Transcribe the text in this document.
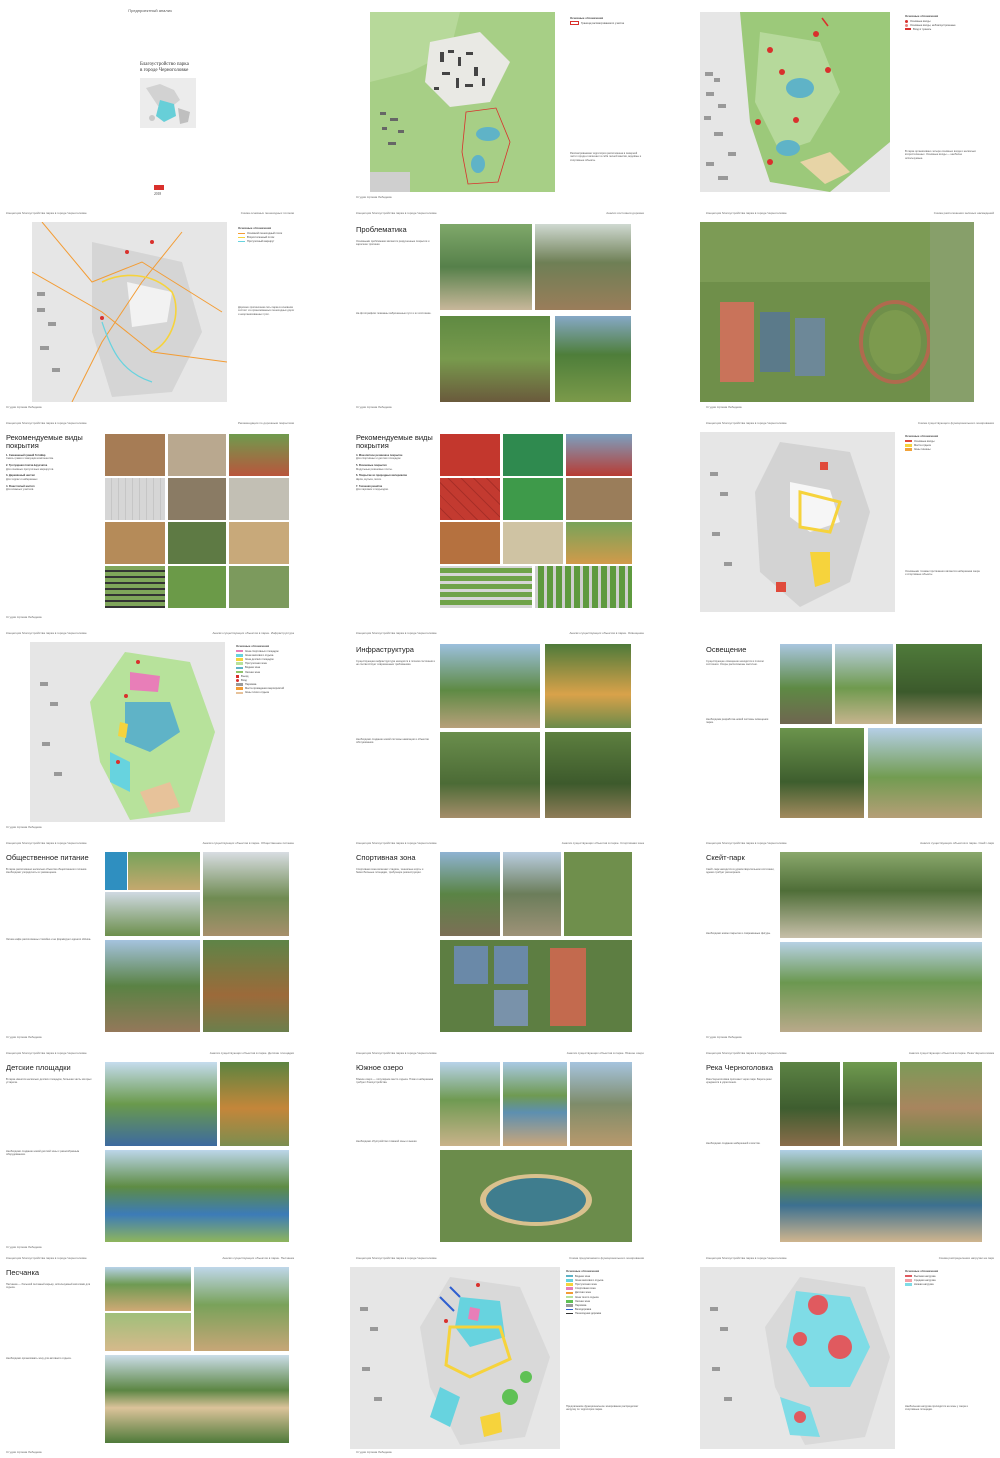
Предпроектный анализ
Благоустройство парка
в городе Черноголовке
2018
Основные обозначения
Граница рассматриваемого участка
Рассматриваемая территория расположена в северной части города и включает в себя лесной массив, водоёмы и спортивные объекты.
Студия Артема Лебедева
Основные обозначения
Основные входы
Основные входы, неблагоустроенные
Вход в туннель
В парке организовано четыре основных входа и несколько второстепенных. Основные входы — наиболее используемые.
Концепция благоустройства парка в городе Черноголовке	Схема основных пешеходных потоков
Основные обозначения
Основной пешеходный поток
Второстепенный поток
Прогулочный маршрут
Дорожно-тропиночная сеть парка в основном состоит из организованных пешеходных дорог и неорганизованных троп.
Студия Артема Лебедева
Концепция благоустройства парка в городе Черноголовке	Анализ состояния дорожек
Проблематика
Основными проблемами являются разрушенные покрытия и заросшие тропинки.
На фотографиях показаны заброшенные пути и их состояние.
Студия Артема Лебедева
Концепция благоустройства парка в городе Черноголовке	Схема расположения зелёных насаждений
Студия Артема Лебедева
Концепция благоустройства парка в городе Черноголовке	Рекомендации по дорожным покрытиям
Рекомендуемые виды
покрытия
1. Смешанный гравий ГетоВар
Смесь гравия с вяжущим компонентом.

2. Тротуарная плитка Брусчатка
Для основных прогулочных маршрутов.

3. Деревянный настил
Для террас и набережных.

4. Решетчатый настил
Для влажных участков.
Студия Артема Лебедева
Рекомендуемые виды
покрытия
4. Монолитное резиновое покрытие
Для спортивных и детских площадок.

5. Резиновые покрытия
Модульные резиновые плиты.

6. Покрытие из природных материалов
Щепа, мульча, песок.

7. Газонная решётка
Для парковок и подъездов.
Концепция благоустройства парка в городе Черноголовке	Схема существующего функционального зонирования
Основные обозначения
Основные входы
Места отдыха
Зоны тишины
Основными точками притяжения являются набережная озера и спортивные объекты.
Концепция благоустройства парка в городе Черноголовке	Анализ существующих объектов в парке. Инфраструктура
Основные обозначения
Зона спортивных площадок
Зона массового отдыха
Зона детских площадок
Прогулочная зона
Водная зона
Лесная зона
Въезд
Вход
Парковка
Места проведения мероприятий
Зоны тихого отдыха
Студия Артема Лебедева
Концепция благоустройства парка в городе Черноголовке	Анализ существующих объектов в парке. Освещение
Инфраструктура
Существующая инфраструктура находится в плохом состоянии и не соответствует современным требованиям.
Необходимо создание новой системы навигации и объектов обслуживания.
Освещение
Существующее освещение находится в плохом состоянии. Опоры расположены хаотично.
Необходима разработка новой системы освещения парка.
Концепция благоустройства парка в городе Черноголовке	Анализ существующих объектов в парке. Общественное питание
Общественное питание
В парке расположено несколько объектов общественного питания. Необходимо упорядочить их размещение.
Летние кафе расположены стихийно и не формируют единого облика.
Студия Артема Лебедева
Концепция благоустройства парка в городе Черноголовке	Анализ существующих объектов в парке. Спортивная зона
Спортивная зона
Спортивная зона включает стадион, теннисные корты и баскетбольные площадки, требующие реконструкции.
Концепция благоустройства парка в городе Черноголовке	Анализ существующих объектов в парке. Скейт-парк
Скейт-парк
Скейт-парк находится в удовлетворительном состоянии, однако требует расширения.
Необходимо новое покрытие и современные фигуры.
Студия Артема Лебедева
Концепция благоустройства парка в городе Черноголовке	Анализ существующих объектов в парке. Детские площадки
Детские площадки
В парке имеется несколько детских площадок, большая часть которых устарела.
Необходимо создание новой детской зоны с разнообразным оборудованием.
Студия Артема Лебедева
Концепция благоустройства парка в городе Черноголовке	Анализ существующих объектов в парке. Южное озеро
Южное озеро
Южное озеро — популярное место отдыха. Пляж и набережная требуют благоустройства.
Необходимо обустройство пляжной зоны и вышки.
Концепция благоустройства парка в городе Черноголовке	Анализ существующих объектов в парке. Река Черноголовка
Река Черноголовка
Река Черноголовка протекает через парк. Берега реки нуждаются в укреплении.
Необходимо создание набережной и мостов.
Концепция благоустройства парка в городе Черноголовке	Анализ существующих объектов в парке. Песчанка
Песчанка
Песчанка — большой песчаный карьер, используемый жителями для отдыха.
Необходимо организовать зону для активного отдыха.
Студия Артема Лебедева
Концепция благоустройства парка в городе Черноголовке	Схема предлагаемого функционального зонирования
Основные обозначения
Водная зона
Зона массового отдыха
Прогулочная зона
Спортивная зона
Детская зона
Зона тихого отдыха
Лесная зона
Парковка
Велодорожка
Пешеходная дорожка
Предлагаемое функциональное зонирование распределяет нагрузку по территории парка.
Студия Артема Лебедева
Концепция благоустройства парка в городе Черноголовке	Схема распределения нагрузки на парк
Основные обозначения
Высокая нагрузка
Средняя нагрузка
Низкая нагрузка
Наибольшая нагрузка приходится на зоны у озера и спортивные площадки.
